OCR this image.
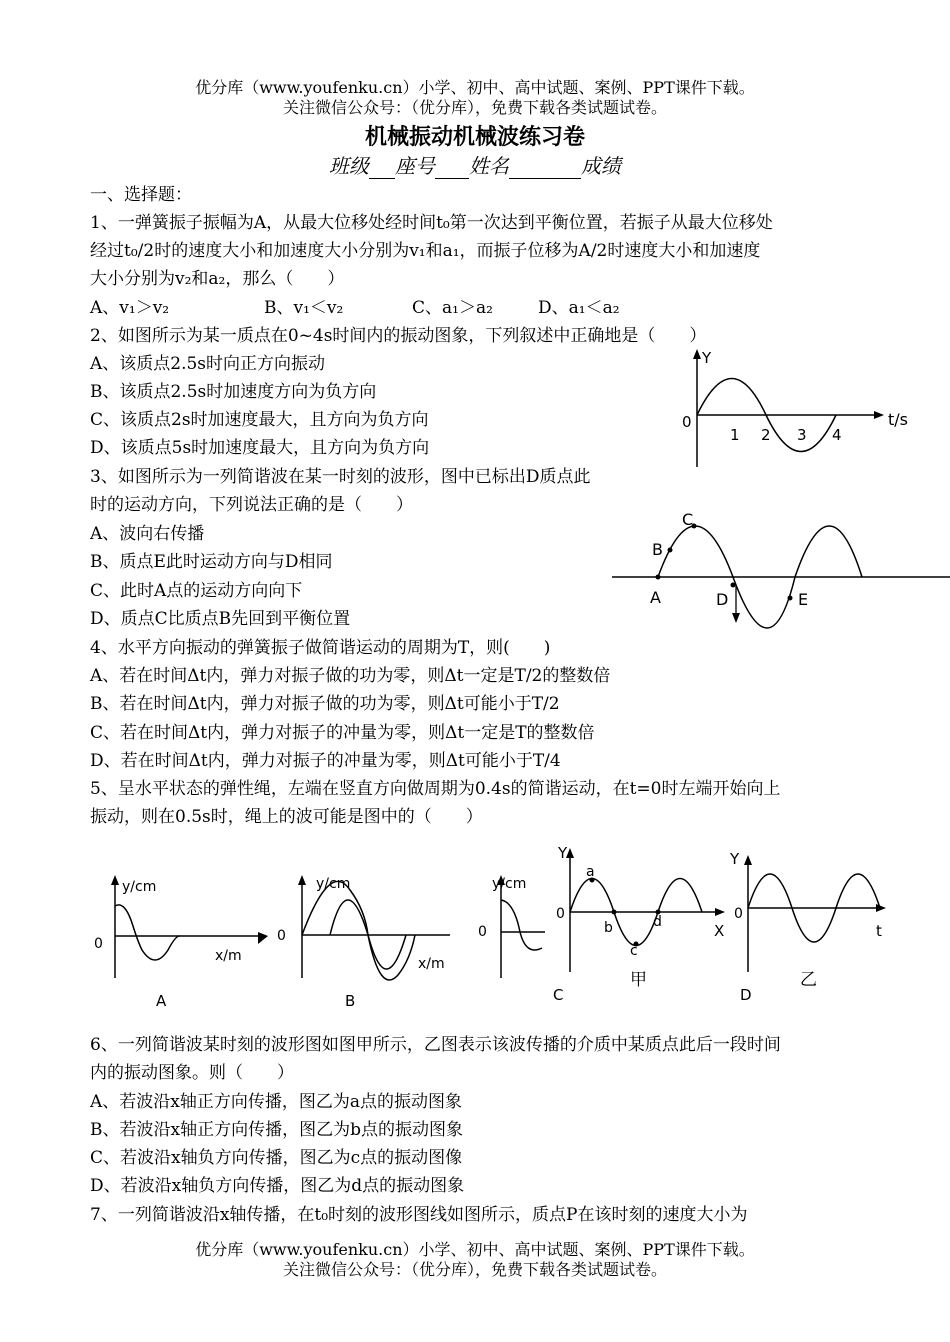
优分库（www.youfenku.cn）小学、初中、高中试题、案例、PPT课件下载。
关注微信公众号：（优分库），免费下载各类试题试卷。
机械振动机械波练习卷
班级 座号 姓名	成绩
一、选择题：
1、一弹簧振子振幅为A，从最大位移处经时间t₀第一次达到平衡位置，若振子从最大位移处
经过t₀/2时的速度大小和加速度大小分别为v₁和a₁，而振子位移为A/2时速度大小和加速度
大小分别为v₂和a₂，那么（　　）
A、v₁＞v₂	B、v₁＜v₂	C、a₁＞a₂	D、a₁＜a₂
2、如图所示为某一质点在0~4s时间内的振动图象，下列叙述中正确地是（　　）
A、该质点2.5s时向正方向振动
B、该质点2.5s时加速度方向为负方向
C、该质点2s时加速度最大，且方向为负方向
D、该质点5s时加速度最大，且方向为负方向
Y
0
1 2 3 4
t/s
3、如图所示为一列简谐波在某一时刻的波形，图中已标出D质点此
时的运动方向，下列说法正确的是（　　）
A、波向右传播
B、质点E此时运动方向与D相同
C、此时A点的运动方向向下
D、质点C比质点B先回到平衡位置
A
B
C
D	E
4、水平方向振动的弹簧振子做简谐运动的周期为T，则(　　)
A、若在时间Δt内，弹力对振子做的功为零，则Δt一定是T/2的整数倍
B、若在时间Δt内，弹力对振子做的功为零，则Δt可能小于T/2
C、若在时间Δt内，弹力对振子的冲量为零，则Δt一定是T的整数倍
D、若在时间Δt内，弹力对振子的冲量为零，则Δt可能小于T/4
5、呈水平状态的弹性绳，左端在竖直方向做周期为0.4s的简谐运动，在t=0时左端开始向上
振动，则在0.5s时，绳上的波可能是图中的（　　）
y/cm
0
x/m
A
y/cm
0
x/m
B
y/cm
0
C
Y
0
a
b
c
d	X
甲
Y
0
t
D
乙
6、一列简谐波某时刻的波形图如图甲所示，乙图表示该波传播的介质中某质点此后一段时间
内的振动图象。则（　　）
A、若波沿x轴正方向传播，图乙为a点的振动图象
B、若波沿x轴正方向传播，图乙为b点的振动图象
C、若波沿x轴负方向传播，图乙为c点的振动图像
D、若波沿x轴负方向传播，图乙为d点的振动图象
7、一列简谐波沿x轴传播，在t₀时刻的波形图线如图所示，质点P在该时刻的速度大小为
优分库（www.youfenku.cn）小学、初中、高中试题、案例、PPT课件下载。
关注微信公众号：（优分库），免费下载各类试题试卷。
